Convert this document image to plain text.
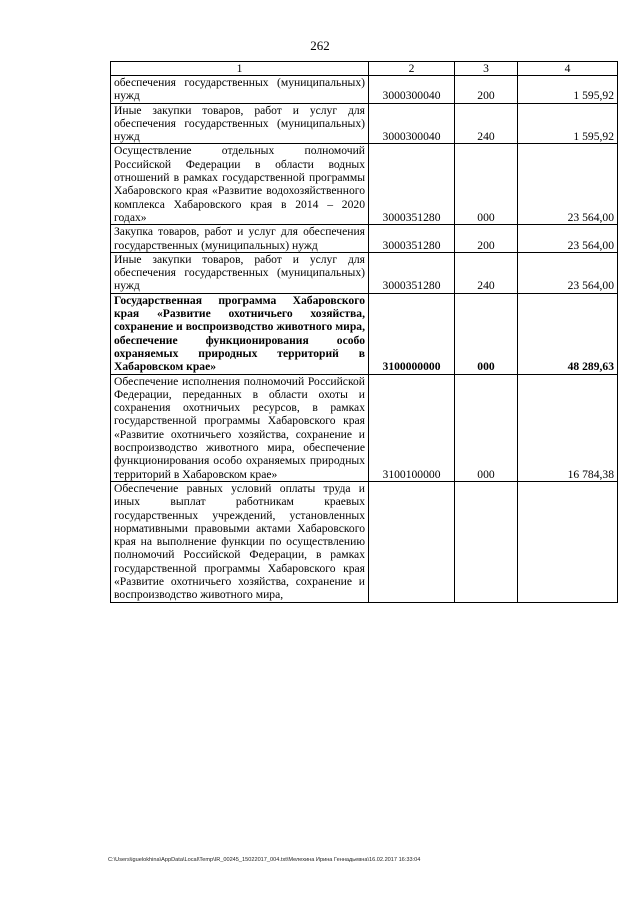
262
1	2	3	4
обеспечения государственных (муниципальных) нужд	3000300040	200	1 595,92
Иные закупки товаров, работ и услуг для обеспечения государственных (муниципальных) нужд	3000300040	240	1 595,92
Осуществление отдельных полномочий Российской Федерации в области водных отношений в рамках государственной программы Хабаровского края «Развитие водохозяйственного комплекса Хабаровского края в 2014 – 2020 годах»	3000351280	000	23 564,00
Закупка товаров, работ и услуг для обеспечения государственных (муниципальных) нужд	3000351280	200	23 564,00
Иные закупки товаров, работ и услуг для обеспечения государственных (муниципальных) нужд	3000351280	240	23 564,00
Государственная программа Хабаровского края «Развитие охотничьего хозяйства, сохранение и воспроизводство животного мира, обеспечение функционирования особо охраняемых природных территорий в Хабаровском крае»	3100000000	000	48 289,63
Обеспечение исполнения полномочий Российской Федерации, переданных в области охоты и сохранения охотничьих ресурсов, в рамках государственной программы Хабаровского края «Развитие охотничьего хозяйства, сохранение и воспроизводство животного мира, обеспечение функционирования особо охраняемых природных территорий в Хабаровском крае»	3100100000	000	16 784,38
Обеспечение равных условий оплаты труда и иных выплат работникам краевых государственных учреждений, установленных нормативными правовыми актами Хабаровского края на выполнение функции по осуществлению полномочий Российской Федерации, в рамках государственной программы Хабаровского края «Развитие охотничьего хозяйства, сохранение и воспроизводство животного мира,			
C:\Users\iguelokhina\AppData\Local\Temp\IR_00245_15022017_004.txt\Мелехина Ирина Геннадьевна\16.02.2017 16:33:04
